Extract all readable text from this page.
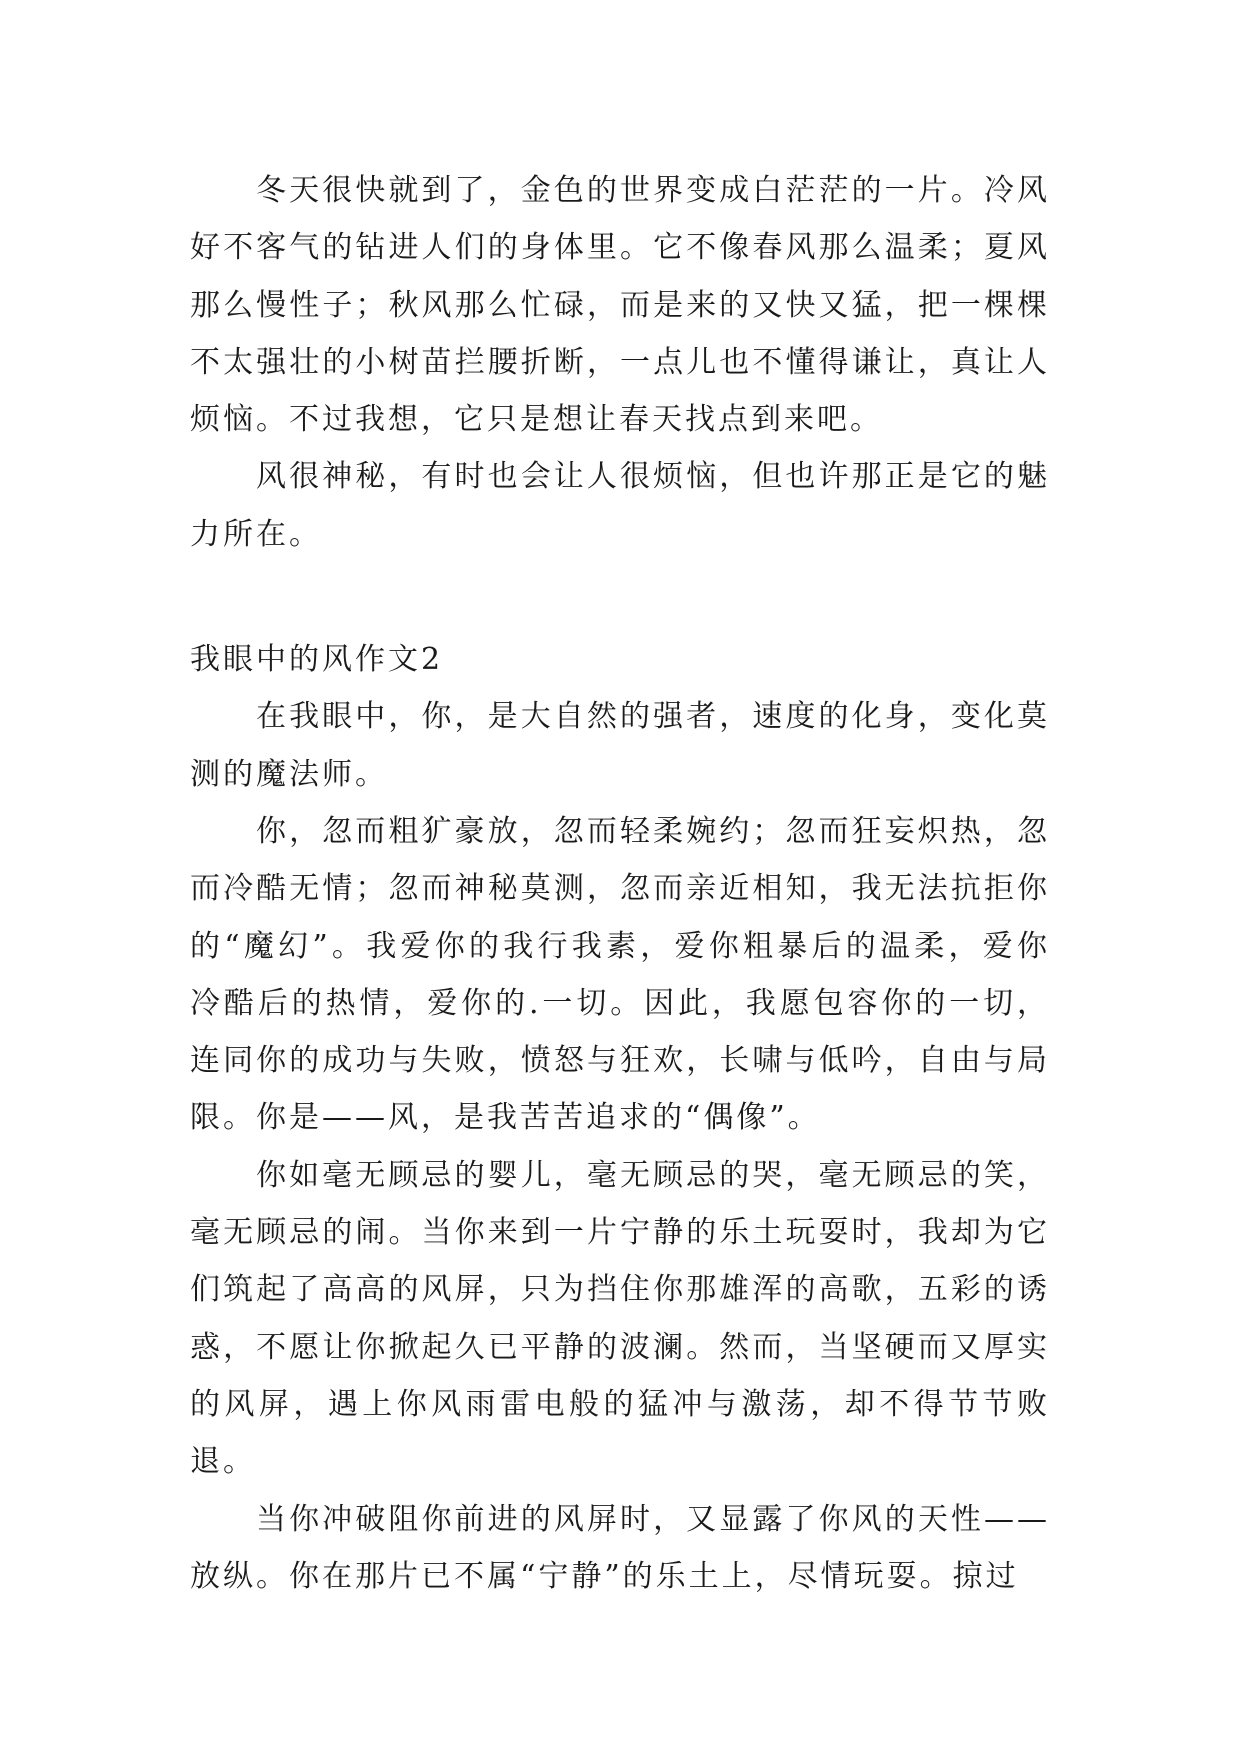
冬天很快就到了，金色的世界变成白茫茫的一片。冷风好不客气的钻进人们的身体里。它不像春风那么温柔；夏风那么慢性子；秋风那么忙碌，而是来的又快又猛，把一棵棵不太强壮的小树苗拦腰折断，一点儿也不懂得谦让，真让人烦恼。不过我想，它只是想让春天找点到来吧。

风很神秘，有时也会让人很烦恼，但也许那正是它的魅力所在。

我眼中的风作文2

在我眼中，你，是大自然的强者，速度的化身，变化莫测的魔法师。

你，忽而粗犷豪放，忽而轻柔婉约；忽而狂妄炽热，忽而冷酷无情；忽而神秘莫测，忽而亲近相知，我无法抗拒你的“魔幻”。我爱你的我行我素，爱你粗暴后的温柔，爱你冷酷后的热情，爱你的.一切。因此，我愿包容你的一切，连同你的成功与失败，愤怒与狂欢，长啸与低吟，自由与局限。你是——风，是我苦苦追求的“偶像”。

你如毫无顾忌的婴儿，毫无顾忌的哭，毫无顾忌的笑，毫无顾忌的闹。当你来到一片宁静的乐土玩耍时，我却为它们筑起了高高的风屏，只为挡住你那雄浑的高歌，五彩的诱惑，不愿让你掀起久已平静的波澜。然而，当坚硬而又厚实的风屏，遇上你风雨雷电般的猛冲与激荡，却不得节节败退。

当你冲破阻你前进的风屏时，又显露了你风的天性——放纵。你在那片已不属“宁静”的乐土上，尽情玩耍。掠过
